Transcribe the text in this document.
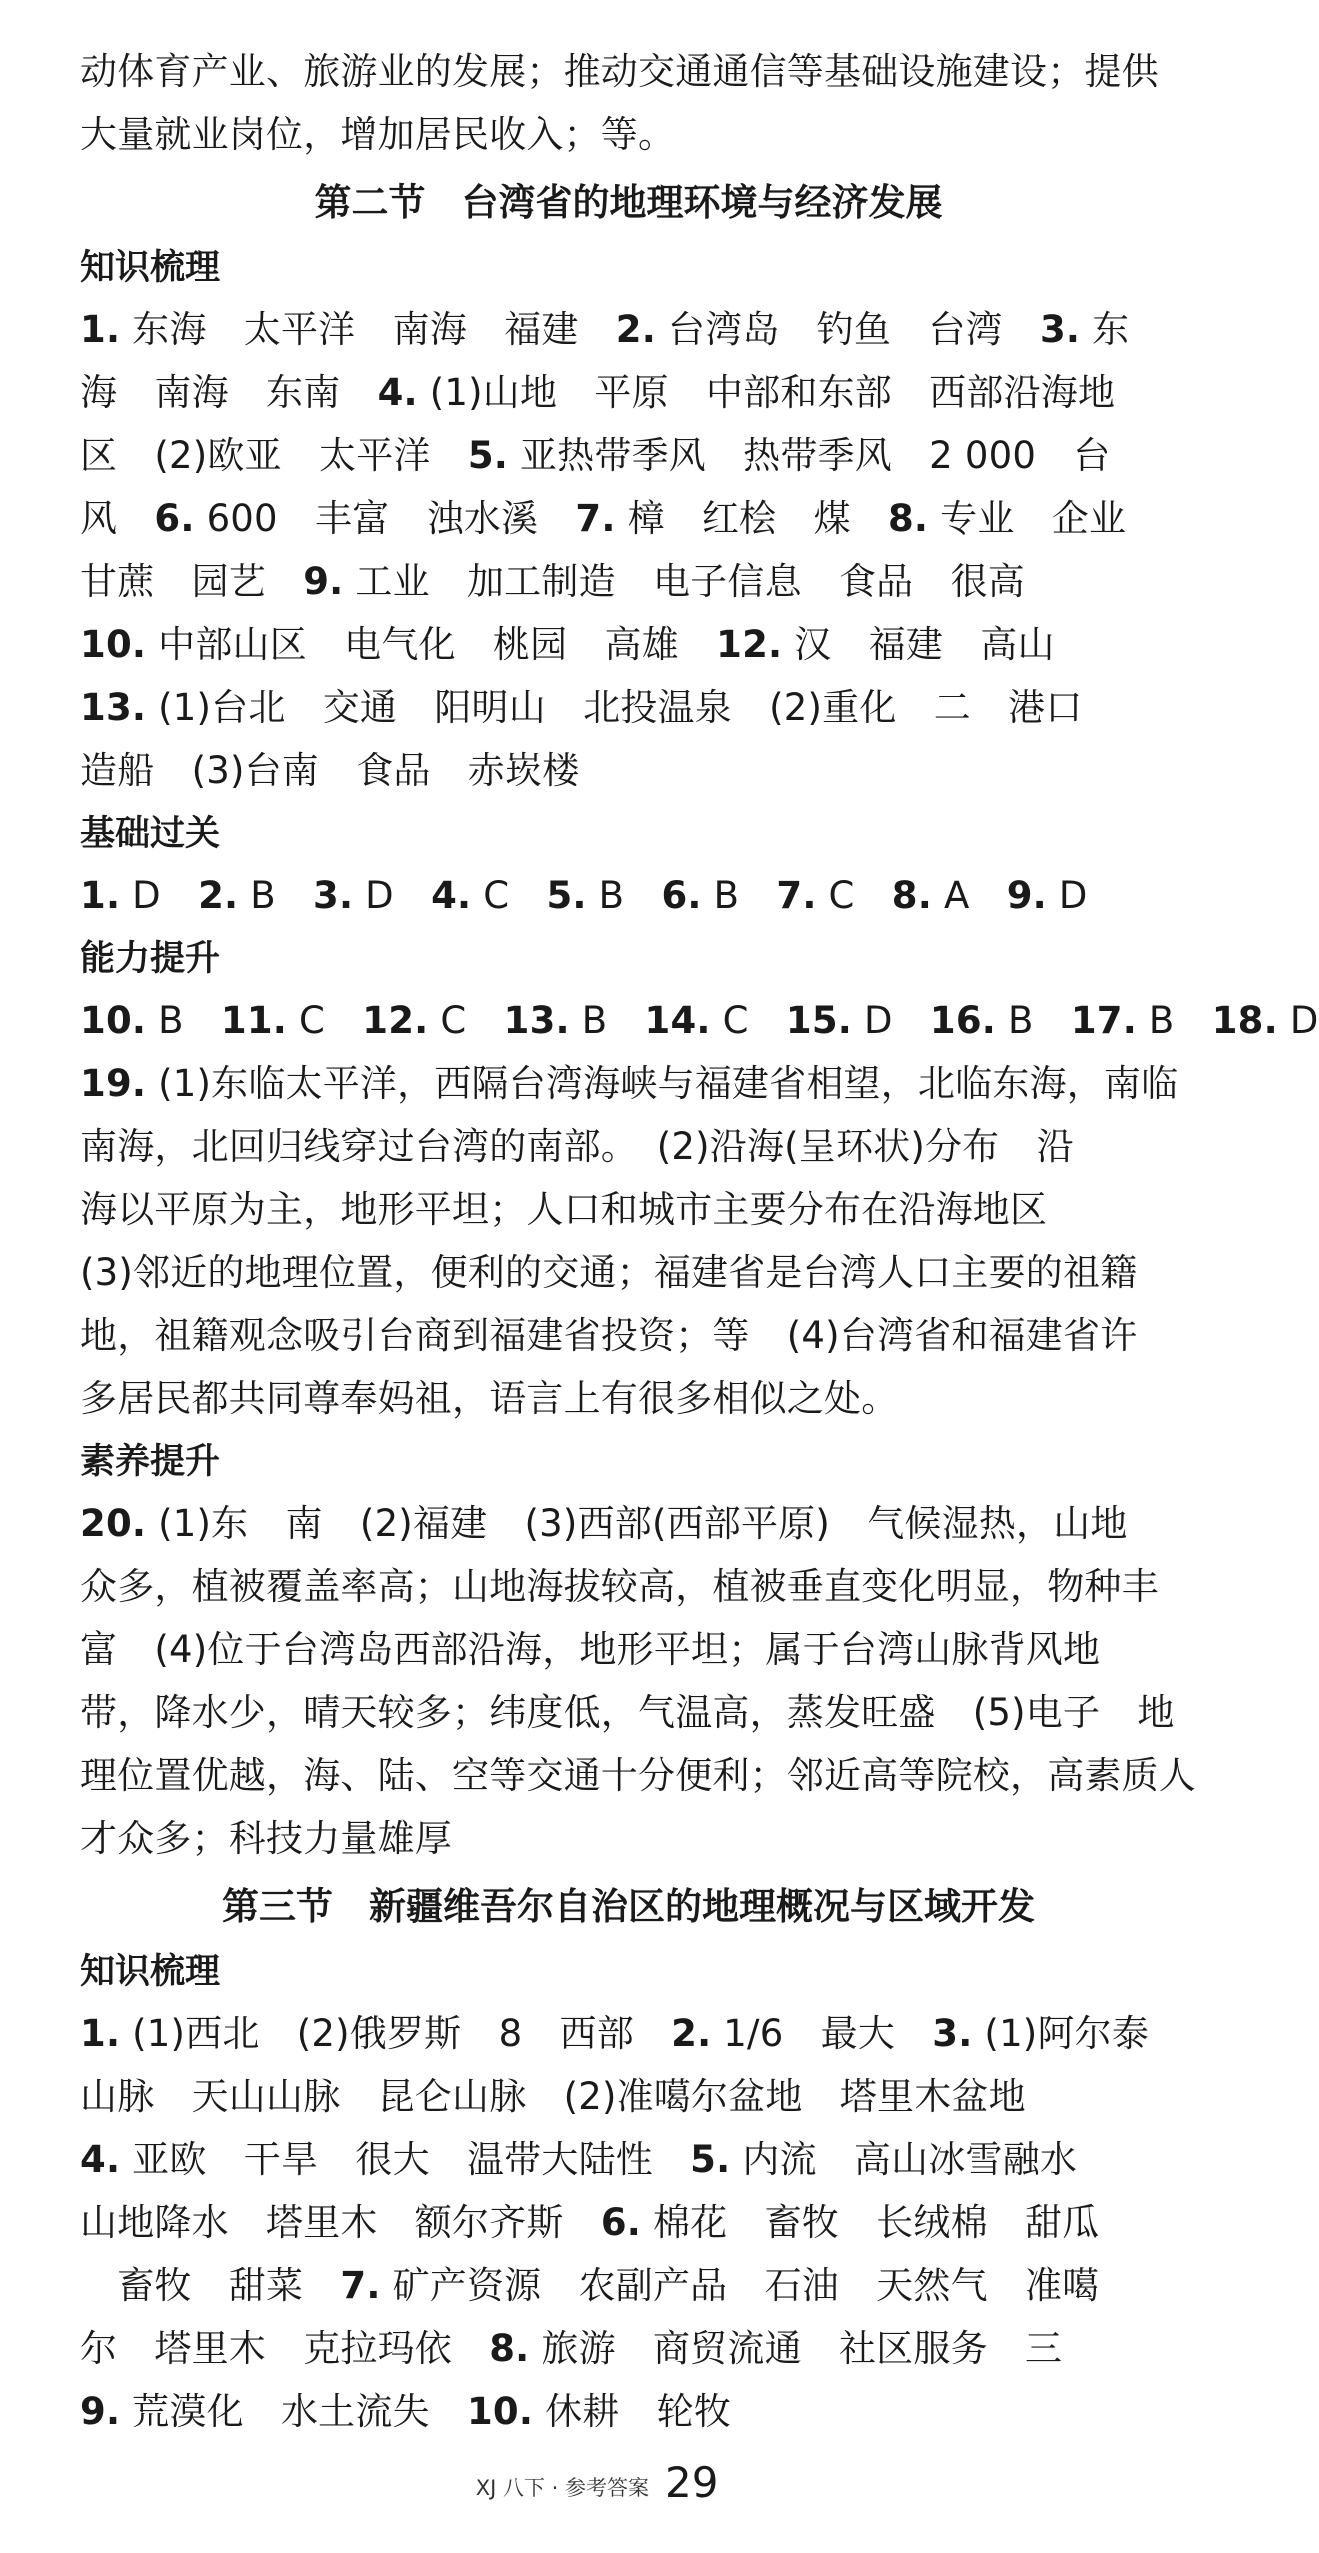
动体育产业、旅游业的发展；推动交通通信等基础设施建设；提供

大量就业岗位，增加居民收入；等。

第二节 台湾省的地理环境与经济发展
知识梳理

1. 东海　太平洋　南海　福建　2. 台湾岛　钓鱼　台湾　3. 东

海　南海　东南　4. (1)山地　平原　中部和东部　西部沿海地

区　(2)欧亚　太平洋　5. 亚热带季风　热带季风　2 000　台

风　6. 600　丰富　浊水溪　7. 樟　红桧　煤　8. 专业　企业

甘蔗　园艺　9. 工业　加工制造　电子信息　食品　很高

10. 中部山区　电气化　桃园　高雄　12. 汉　福建　高山

13. (1)台北　交通　阳明山　北投温泉　(2)重化　二　港口

造船　(3)台南　食品　赤崁楼

基础过关

1. D　2. B　3. D　4. C　5. B　6. B　7. C　8. A　9. D

能力提升

10. B　11. C　12. C　13. B　14. C　15. D　16. B　17. B　18. D

19. (1)东临太平洋，西隔台湾海峡与福建省相望，北临东海，南临

南海，北回归线穿过台湾的南部。　(2)沿海(呈环状)分布　沿

海以平原为主，地形平坦；人口和城市主要分布在沿海地区

(3)邻近的地理位置，便利的交通；福建省是台湾人口主要的祖籍

地，祖籍观念吸引台商到福建省投资；等　(4)台湾省和福建省许

多居民都共同尊奉妈祖，语言上有很多相似之处。

素养提升

20. (1)东　南　(2)福建　(3)西部(西部平原)　气候湿热，山地

众多，植被覆盖率高；山地海拔较高，植被垂直变化明显，物种丰

富　(4)位于台湾岛西部沿海，地形平坦；属于台湾山脉背风地

带，降水少，晴天较多；纬度低，气温高，蒸发旺盛　(5)电子　地

理位置优越，海、陆、空等交通十分便利；邻近高等院校，高素质人

才众多；科技力量雄厚

第三节 新疆维吾尔自治区的地理概况与区域开发
知识梳理

1. (1)西北　(2)俄罗斯　8　西部　2. 1/6　最大　3. (1)阿尔泰

山脉　天山山脉　昆仑山脉　(2)准噶尔盆地　塔里木盆地

4. 亚欧　干旱　很大　温带大陆性　5. 内流　高山冰雪融水

山地降水　塔里木　额尔齐斯　6. 棉花　畜牧　长绒棉　甜瓜

　畜牧　甜菜　7. 矿产资源　农副产品　石油　天然气　准噶

尔　塔里木　克拉玛依　8. 旅游　商贸流通　社区服务　三

9. 荒漠化　水土流失　10. 休耕　轮牧

XJ 八下 · 参考答案 29
